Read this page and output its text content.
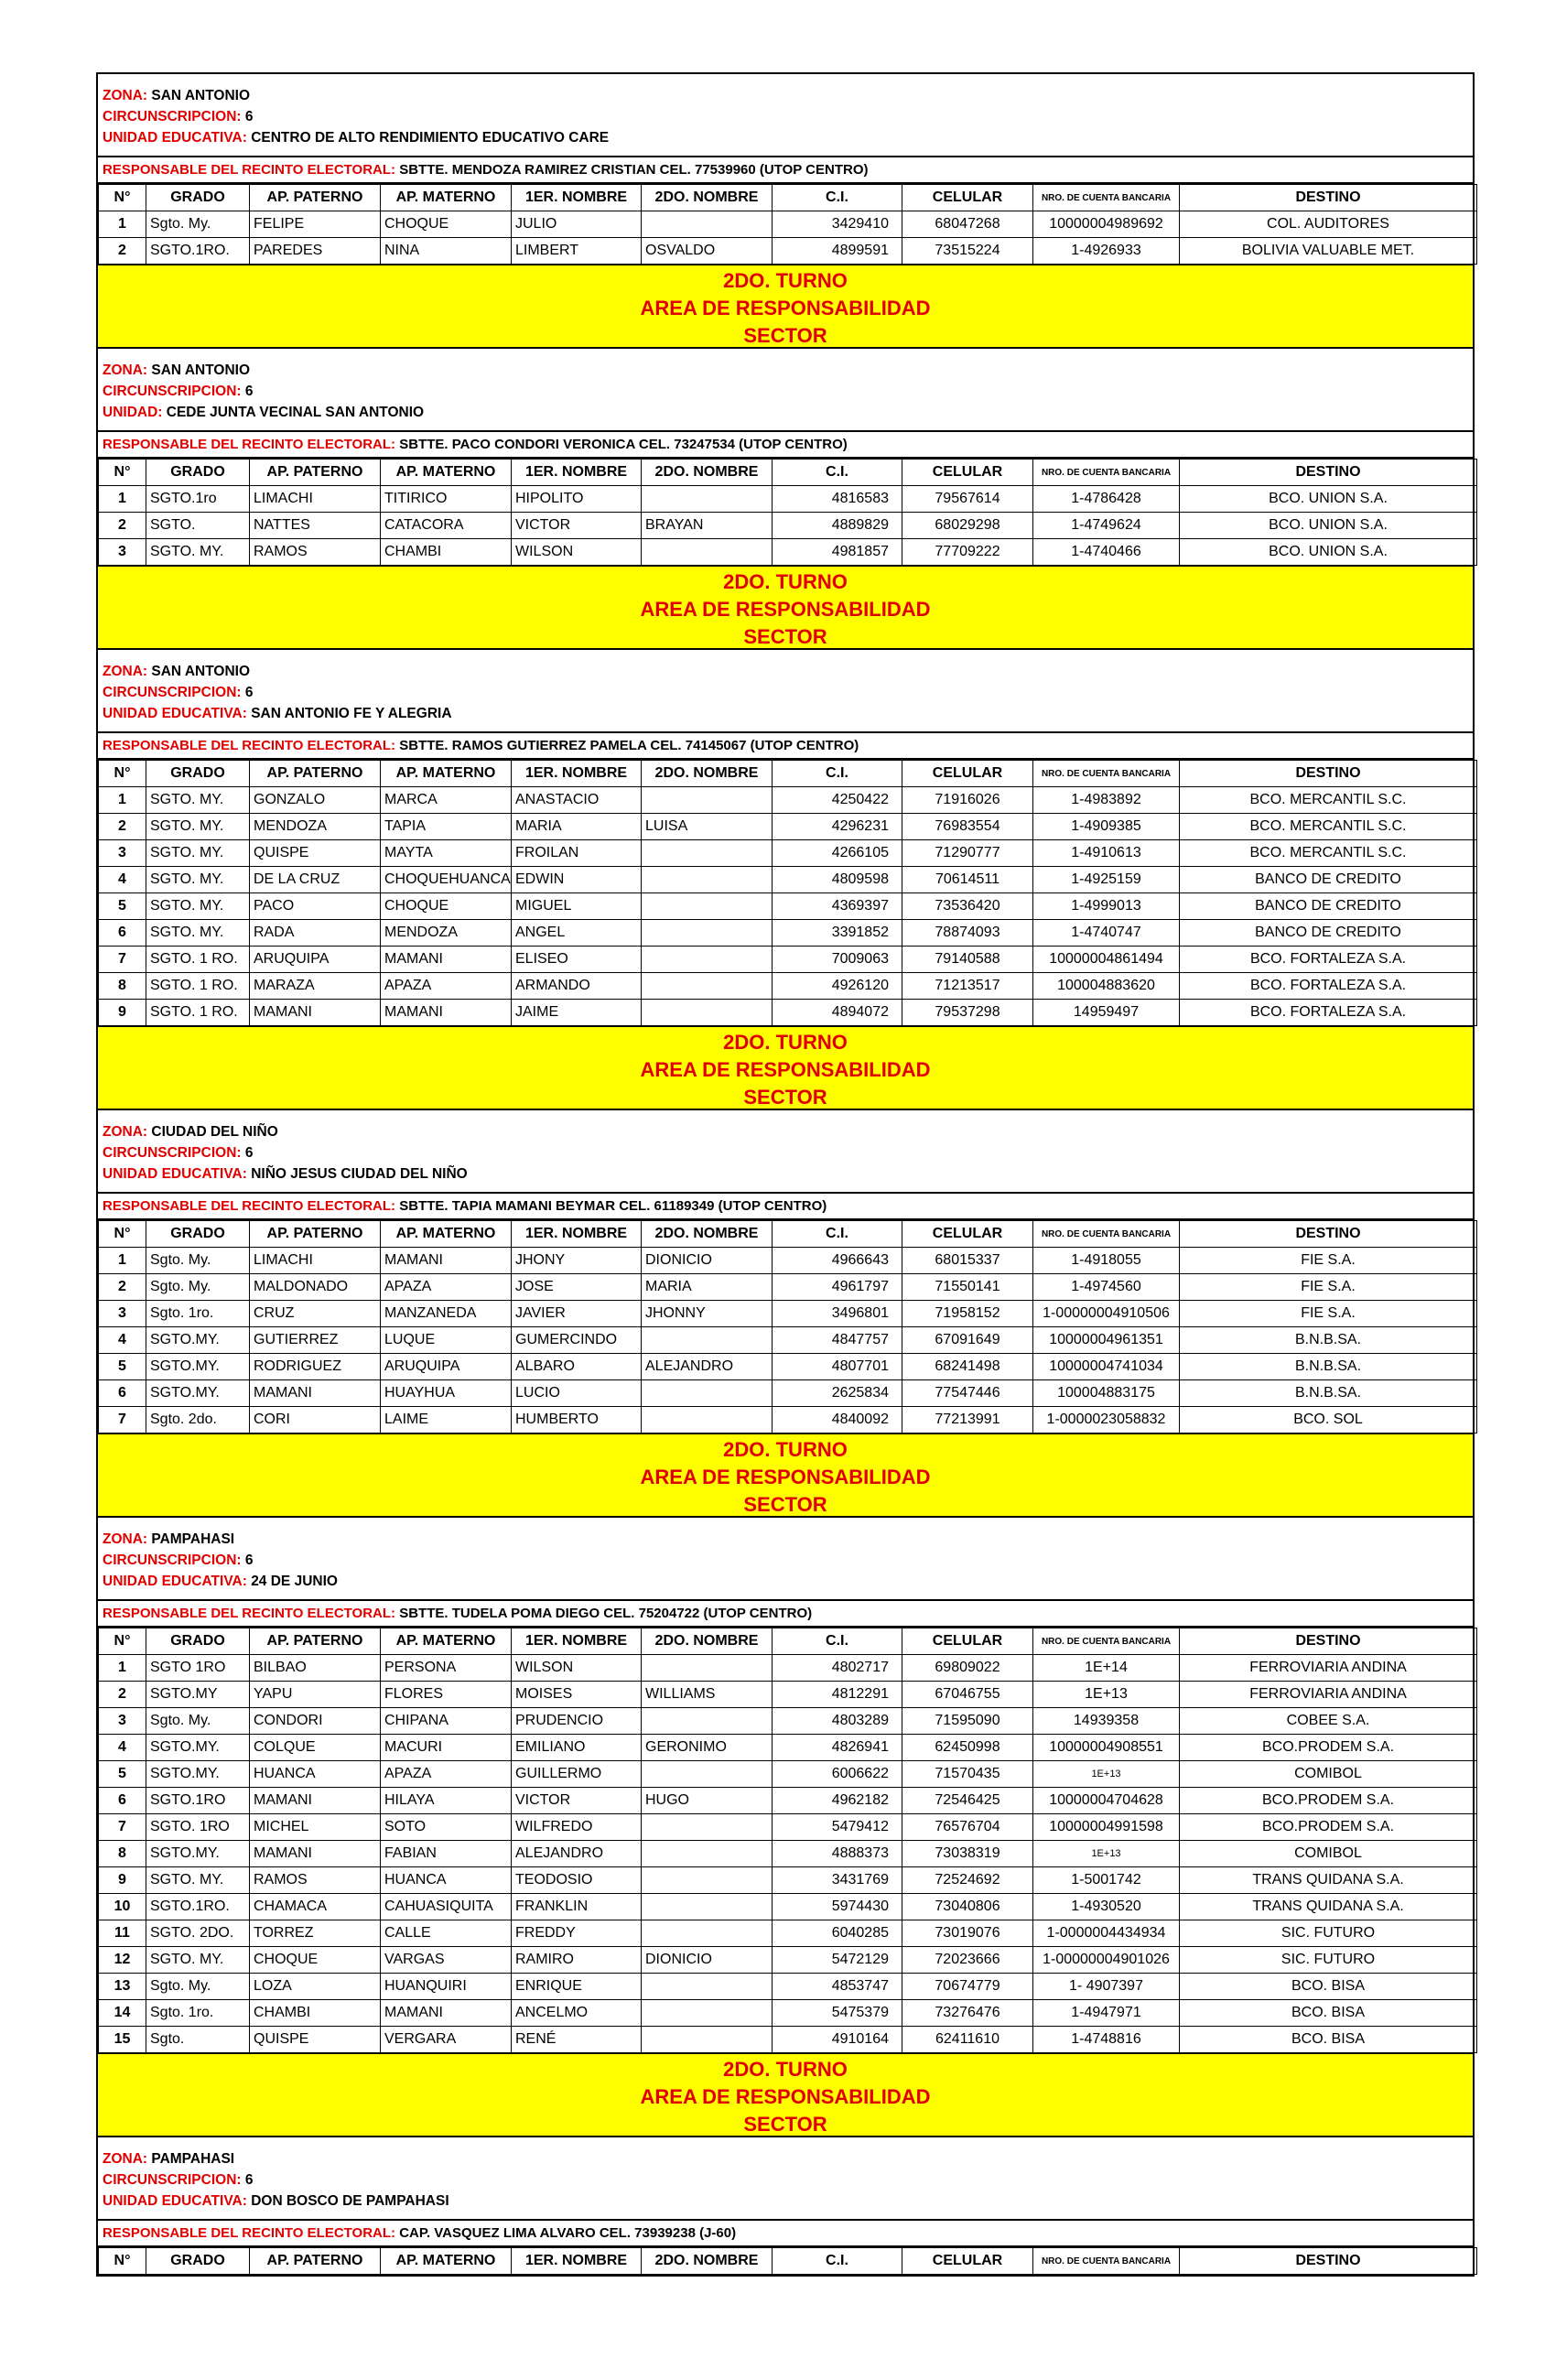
ZONA: SAN ANTONIO
CIRCUNSCRIPCION: 6
UNIDAD EDUCATIVA: CENTRO DE ALTO RENDIMIENTO EDUCATIVO CARE
RESPONSABLE DEL RECINTO ELECTORAL: SBTTE. MENDOZA RAMIREZ CRISTIAN CEL. 77539960 (UTOP CENTRO)
N°	GRADO	AP. PATERNO	AP. MATERNO	1ER. NOMBRE	2DO. NOMBRE	C.I.	CELULAR	NRO. DE CUENTA BANCARIA	DESTINO
1	Sgto. My.	FELIPE	CHOQUE	JULIO		3429410	68047268	10000004989692	COL. AUDITORES
2	SGTO.1RO.	PAREDES	NINA	LIMBERT	OSVALDO	4899591	73515224	1-4926933	BOLIVIA VALUABLE MET.
2DO. TURNO
AREA DE RESPONSABILIDAD
SECTOR
ZONA: SAN ANTONIO
CIRCUNSCRIPCION: 6
UNIDAD: CEDE JUNTA VECINAL SAN ANTONIO
RESPONSABLE DEL RECINTO ELECTORAL: SBTTE. PACO CONDORI VERONICA CEL. 73247534 (UTOP CENTRO)
N°	GRADO	AP. PATERNO	AP. MATERNO	1ER. NOMBRE	2DO. NOMBRE	C.I.	CELULAR	NRO. DE CUENTA BANCARIA	DESTINO
1	SGTO.1ro	LIMACHI	TITIRICO	HIPOLITO		4816583	79567614	1-4786428	BCO. UNION S.A.
2	SGTO.	NATTES	CATACORA	VICTOR	BRAYAN	4889829	68029298	1-4749624	BCO. UNION S.A.
3	SGTO. MY.	RAMOS	CHAMBI	WILSON		4981857	77709222	1-4740466	BCO. UNION S.A.
2DO. TURNO
AREA DE RESPONSABILIDAD
SECTOR
ZONA: SAN ANTONIO
CIRCUNSCRIPCION: 6
UNIDAD EDUCATIVA: SAN ANTONIO FE Y ALEGRIA
RESPONSABLE DEL RECINTO ELECTORAL: SBTTE. RAMOS GUTIERREZ PAMELA CEL. 74145067 (UTOP CENTRO)
N°	GRADO	AP. PATERNO	AP. MATERNO	1ER. NOMBRE	2DO. NOMBRE	C.I.	CELULAR	NRO. DE CUENTA BANCARIA	DESTINO
1	SGTO. MY.	GONZALO	MARCA	ANASTACIO		4250422	71916026	1-4983892	BCO. MERCANTIL S.C.
2	SGTO. MY.	MENDOZA	TAPIA	MARIA	LUISA	4296231	76983554	1-4909385	BCO. MERCANTIL S.C.
3	SGTO. MY.	QUISPE	MAYTA	FROILAN		4266105	71290777	1-4910613	BCO. MERCANTIL S.C.
4	SGTO. MY.	DE LA CRUZ	CHOQUEHUANCA	EDWIN		4809598	70614511	1-4925159	BANCO DE CREDITO
5	SGTO. MY.	PACO	CHOQUE	MIGUEL		4369397	73536420	1-4999013	BANCO DE CREDITO
6	SGTO. MY.	RADA	MENDOZA	ANGEL		3391852	78874093	1-4740747	BANCO DE CREDITO
7	SGTO. 1 RO.	ARUQUIPA	MAMANI	ELISEO		7009063	79140588	10000004861494	BCO. FORTALEZA S.A.
8	SGTO. 1 RO.	MARAZA	APAZA	ARMANDO		4926120	71213517	100004883620	BCO. FORTALEZA S.A.
9	SGTO. 1 RO.	MAMANI	MAMANI	JAIME		4894072	79537298	14959497	BCO. FORTALEZA S.A.
2DO. TURNO
AREA DE RESPONSABILIDAD
SECTOR
ZONA: CIUDAD DEL NIÑO
CIRCUNSCRIPCION: 6
UNIDAD EDUCATIVA: NIÑO JESUS CIUDAD DEL NIÑO
RESPONSABLE DEL RECINTO ELECTORAL: SBTTE. TAPIA MAMANI BEYMAR CEL. 61189349 (UTOP CENTRO)
N°	GRADO	AP. PATERNO	AP. MATERNO	1ER. NOMBRE	2DO. NOMBRE	C.I.	CELULAR	NRO. DE CUENTA BANCARIA	DESTINO
1	Sgto. My.	LIMACHI	MAMANI	JHONY	DIONICIO	4966643	68015337	1-4918055	FIE S.A.
2	Sgto. My.	MALDONADO	APAZA	JOSE	MARIA	4961797	71550141	1-4974560	FIE S.A.
3	Sgto. 1ro.	CRUZ	MANZANEDA	JAVIER	JHONNY	3496801	71958152	1-00000004910506	FIE S.A.
4	SGTO.MY.	GUTIERREZ	LUQUE	GUMERCINDO		4847757	67091649	10000004961351	B.N.B.SA.
5	SGTO.MY.	RODRIGUEZ	ARUQUIPA	ALBARO	ALEJANDRO	4807701	68241498	10000004741034	B.N.B.SA.
6	SGTO.MY.	MAMANI	HUAYHUA	LUCIO		2625834	77547446	100004883175	B.N.B.SA.
7	Sgto. 2do.	CORI	LAIME	HUMBERTO		4840092	77213991	1-0000023058832	BCO. SOL
2DO. TURNO
AREA DE RESPONSABILIDAD
SECTOR
ZONA: PAMPAHASI
CIRCUNSCRIPCION: 6
UNIDAD EDUCATIVA: 24 DE JUNIO
RESPONSABLE DEL RECINTO ELECTORAL: SBTTE. TUDELA POMA DIEGO CEL. 75204722 (UTOP CENTRO)
N°	GRADO	AP. PATERNO	AP. MATERNO	1ER. NOMBRE	2DO. NOMBRE	C.I.	CELULAR	NRO. DE CUENTA BANCARIA	DESTINO
1	SGTO 1RO	BILBAO	PERSONA	WILSON		4802717	69809022	1E+14	FERROVIARIA ANDINA
2	SGTO.MY	YAPU	FLORES	MOISES	WILLIAMS	4812291	67046755	1E+13	FERROVIARIA ANDINA
3	Sgto. My.	CONDORI	CHIPANA	PRUDENCIO		4803289	71595090	14939358	COBEE S.A.
4	SGTO.MY.	COLQUE	MACURI	EMILIANO	GERONIMO	4826941	62450998	10000004908551	BCO.PRODEM S.A.
5	SGTO.MY.	HUANCA	APAZA	GUILLERMO		6006622	71570435	1E+13	COMIBOL
6	SGTO.1RO	MAMANI	HILAYA	VICTOR	HUGO	4962182	72546425	10000004704628	BCO.PRODEM S.A.
7	SGTO. 1RO	MICHEL	SOTO	WILFREDO		5479412	76576704	10000004991598	BCO.PRODEM S.A.
8	SGTO.MY.	MAMANI	FABIAN	ALEJANDRO		4888373	73038319	1E+13	COMIBOL
9	SGTO. MY.	RAMOS	HUANCA	TEODOSIO		3431769	72524692	1-5001742	TRANS QUIDANA S.A.
10	SGTO.1RO.	CHAMACA	CAHUASIQUITA	FRANKLIN		5974430	73040806	1-4930520	TRANS QUIDANA S.A.
11	SGTO. 2DO.	TORREZ	CALLE	FREDDY		6040285	73019076	1-0000004434934	SIC. FUTURO
12	SGTO. MY.	CHOQUE	VARGAS	RAMIRO	DIONICIO	5472129	72023666	1-00000004901026	SIC. FUTURO
13	Sgto. My.	LOZA	HUANQUIRI	ENRIQUE		4853747	70674779	1- 4907397	BCO. BISA
14	Sgto. 1ro.	CHAMBI	MAMANI	ANCELMO		5475379	73276476	1-4947971	BCO. BISA
15	Sgto.	QUISPE	VERGARA	RENÉ		4910164	62411610	1-4748816	BCO. BISA
2DO. TURNO
AREA DE RESPONSABILIDAD
SECTOR
ZONA: PAMPAHASI
CIRCUNSCRIPCION: 6
UNIDAD EDUCATIVA: DON BOSCO DE PAMPAHASI
RESPONSABLE DEL RECINTO ELECTORAL: CAP. VASQUEZ LIMA ALVARO CEL. 73939238 (J-60)
N°	GRADO	AP. PATERNO	AP. MATERNO	1ER. NOMBRE	2DO. NOMBRE	C.I.	CELULAR	NRO. DE CUENTA BANCARIA	DESTINO
